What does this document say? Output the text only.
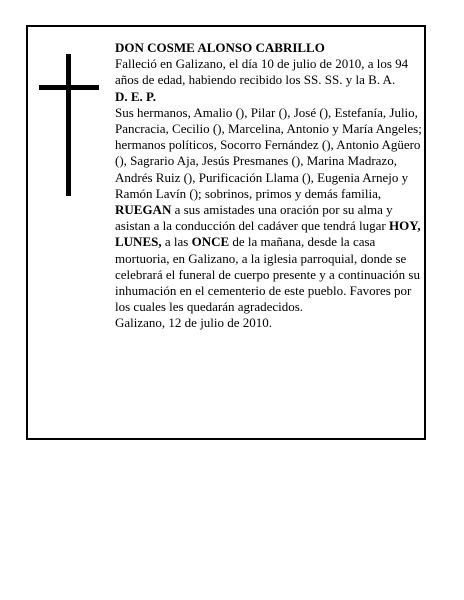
DON COSME ALONSO CABRILLO

Falleció en Galizano, el día 10 de julio de 2010, a los 94 años de edad, habiendo recibido los SS. SS. y la B. A.

D. E. P.

Sus hermanos, Amalio (), Pilar (), José (), Estefanía, Julio, Pancracia, Cecilio (), Marcelina, Antonio y María Angeles; hermanos políticos, Socorro Fernández (), Antonio Agüero (), Sagrario Aja, Jesús Presmanes (), Marina Madrazo, Andrés Ruiz (), Purificación Llama (), Eugenia Arnejo y Ramón Lavín (); sobrinos, primos y demás familia,

RUEGAN a sus amistades una oración por su alma y asistan a la conducción del cadáver que tendrá lugar HOY, LUNES, a las ONCE de la mañana, desde la casa mortuoria, en Galizano, a la iglesia parroquial, donde se celebrará el funeral de cuerpo presente y a continuación su inhumación en el cementerio de este pueblo. Favores por los cuales les quedarán agradecidos.

Galizano, 12 de julio de 2010.
